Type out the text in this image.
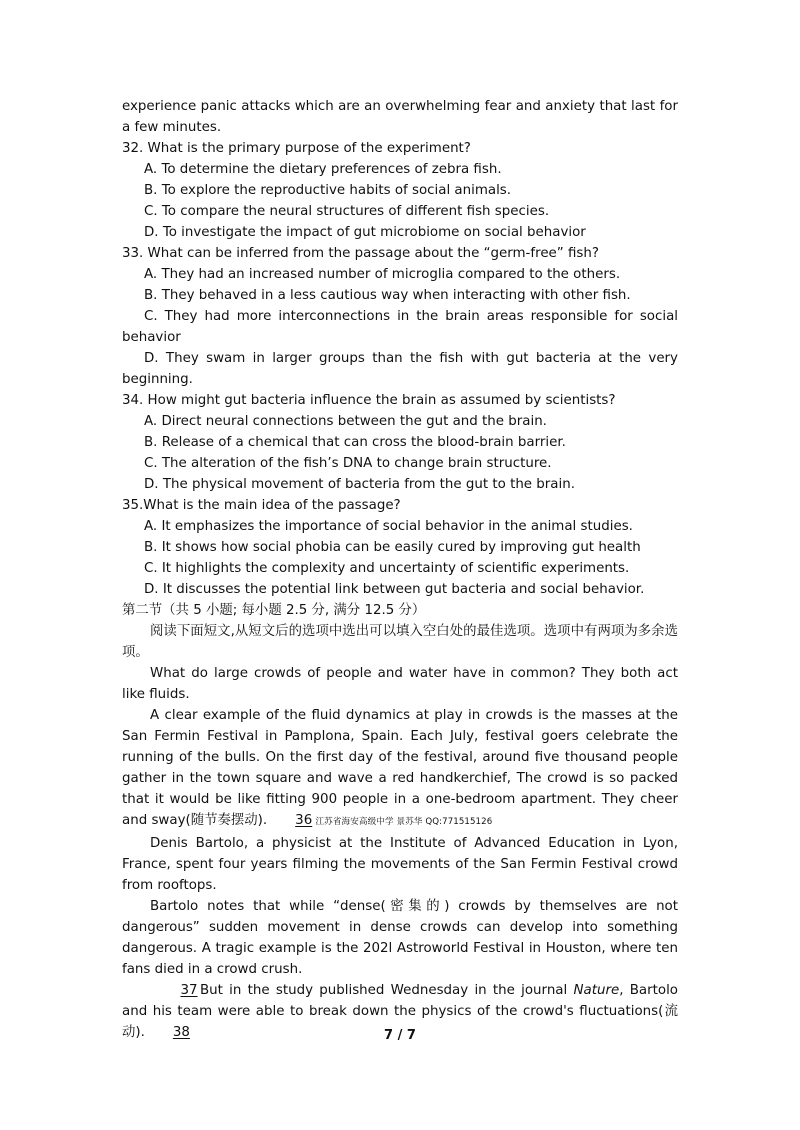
experience panic attacks which are an overwhelming fear and anxiety that last for a few minutes.

32. What is the primary purpose of the experiment?

A. To determine the dietary preferences of zebra fish.

B. To explore the reproductive habits of social animals.

C. To compare the neural structures of different fish species.

D. To investigate the impact of gut microbiome on social behavior

33. What can be inferred from the passage about the “germ-free” fish?

A. They had an increased number of microglia compared to the others.

B. They behaved in a less cautious way when interacting with other fish.

C. They had more interconnections in the brain areas responsible for social behavior

D. They swam in larger groups than the fish with gut bacteria at the very beginning.

34. How might gut bacteria influence the brain as assumed by scientists?

A. Direct neural connections between the gut and the brain.

B. Release of a chemical that can cross the blood-brain barrier.

C. The alteration of the fish’s DNA to change brain structure.

D. The physical movement of bacteria from the gut to the brain.

35.What is the main idea of the passage?

A. It emphasizes the importance of social behavior in the animal studies.

B. It shows how social phobia can be easily cured by improving gut health

C. It highlights the complexity and uncertainty of scientific experiments.

D. It discusses the potential link between gut bacteria and social behavior.

第二节（共 5 小题; 每小题 2.5 分, 满分 12.5 分）

阅读下面短文,从短文后的选项中选出可以填入空白处的最佳选项。选项中有两项为多余选项。

What do large crowds of people and water have in common? They both act like fluids.

A clear example of the fluid dynamics at play in crowds is the masses at the San Fermin Festival in Pamplona, Spain. Each July, festival goers celebrate the running of the bulls. On the first day of the festival, around five thousand people gather in the town square and wave a red handkerchief, The crowd is so packed that it would be like fitting 900 people in a one-bedroom apartment. They cheer and sway(随节奏摆动). 36 江苏省海安高级中学 景苏华 QQ:771515126

Denis Bartolo, a physicist at the Institute of Advanced Education in Lyon, France, spent four years filming the movements of the San Fermin Festival crowd from rooftops.

Bartolo notes that while “dense(密集的) crowds by themselves are not dangerous” sudden movement in dense crowds can develop into something dangerous. A tragic example is the 202l Astroworld Festival in Houston, where ten fans died in a crowd crush.

37 But in the study published Wednesday in the journal Nature, Bartolo and his team were able to break down the physics of the crowd's fluctuations(流动). 38	7 / 7
